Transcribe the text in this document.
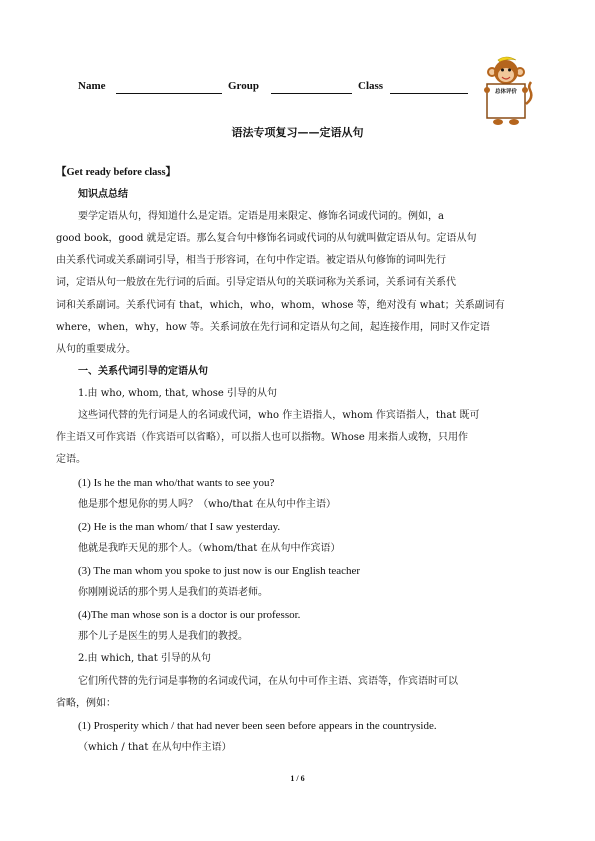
Name	Group	Class	总体评价
语法专项复习——定语从句
【Get ready before class】
知识点总结
要学定语从句，得知道什么是定语。定语是用来限定、修饰名词或代词的。例如，a
good book，good 就是定语。那么复合句中修饰名词或代词的从句就叫做定语从句。定语从句
由关系代词或关系副词引导，相当于形容词，在句中作定语。被定语从句修饰的词叫先行
词，定语从句一般放在先行词的后面。引导定语从句的关联词称为关系词，关系词有关系代
词和关系副词。关系代词有 that，which，who，whom，whose 等，绝对没有 what；关系副词有
where，when，why，how 等。关系词放在先行词和定语从句之间，起连接作用，同时又作定语
从句的重要成分。
一、关系代词引导的定语从句
1.由 who, whom, that, whose 引导的从句
这些词代替的先行词是人的名词或代词，who 作主语指人，whom 作宾语指人，that 既可
作主语又可作宾语（作宾语可以省略），可以指人也可以指物。Whose 用来指人或物，只用作
定语。
(1) Is he the man who/that wants to see you?
他是那个想见你的男人吗？（who/that 在从句中作主语）
(2) He is the man whom/ that I saw yesterday.
他就是我昨天见的那个人。（whom/that 在从句中作宾语）
(3) The man whom you spoke to just now is our English teacher
你刚刚说话的那个男人是我们的英语老师。
(4)The man whose son is a doctor is our professor.
那个儿子是医生的男人是我们的教授。
2.由 which, that 引导的从句
它们所代替的先行词是事物的名词或代词，在从句中可作主语、宾语等，作宾语时可以
省略，例如：
(1) Prosperity which / that had never been seen before appears in the countryside.
（which / that 在从句中作主语）
1 / 6
